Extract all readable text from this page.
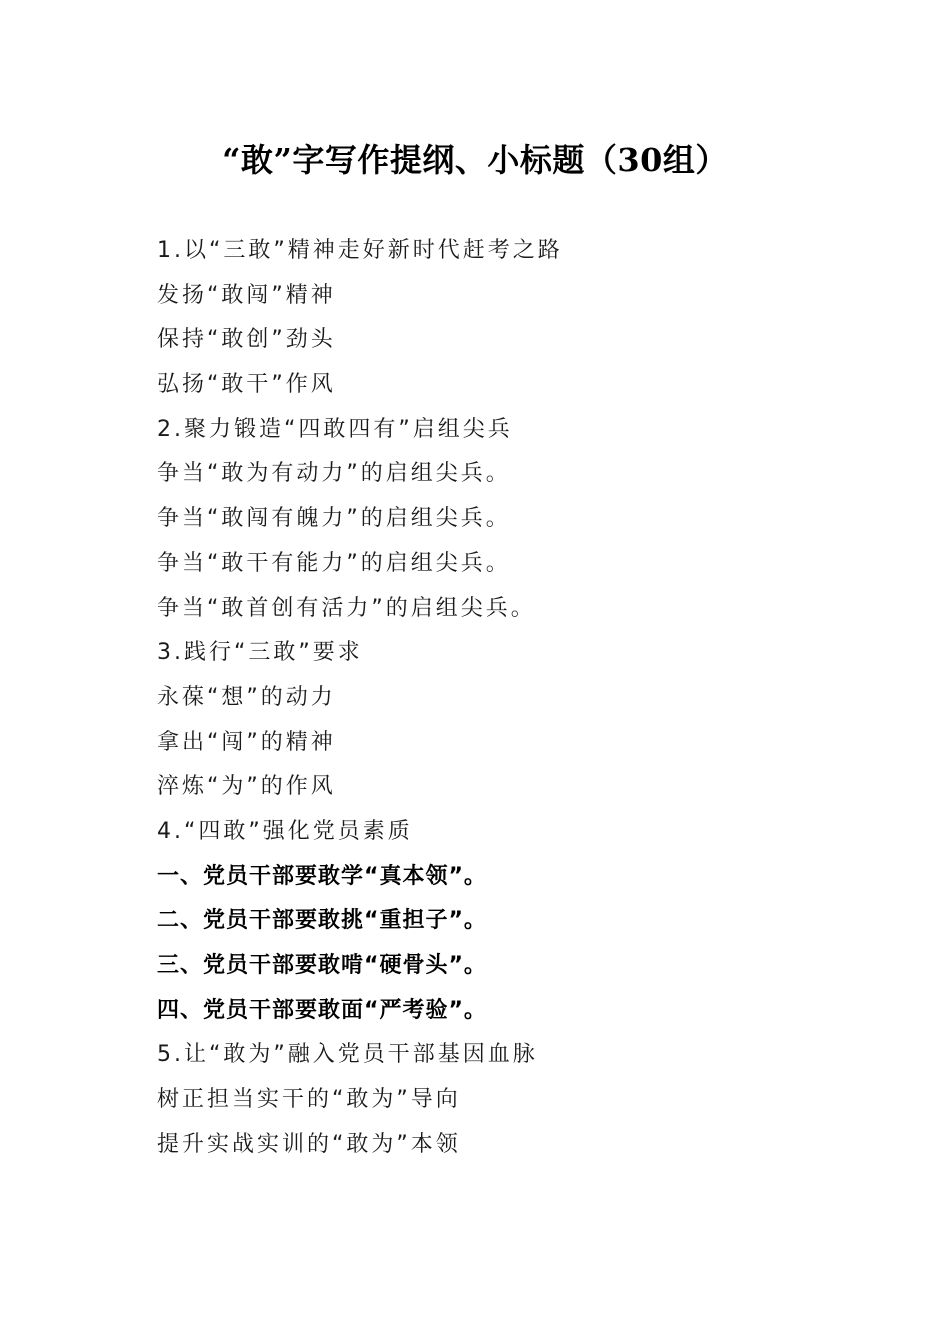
“敢”字写作提纲、小标题（30组）
1.以“三敢”精神走好新时代赶考之路
发扬“敢闯”精神
保持“敢创”劲头
弘扬“敢干”作风
2.聚力锻造“四敢四有”启组尖兵
争当“敢为有动力”的启组尖兵。
争当“敢闯有魄力”的启组尖兵。
争当“敢干有能力”的启组尖兵。
争当“敢首创有活力”的启组尖兵。
3.践行“三敢”要求
永葆“想”的动力
拿出“闯”的精神
淬炼“为”的作风
4.“四敢”强化党员素质
一、党员干部要敢学“真本领”。
二、党员干部要敢挑“重担子”。
三、党员干部要敢啃“硬骨头”。
四、党员干部要敢面“严考验”。
5.让“敢为”融入党员干部基因血脉
树正担当实干的“敢为”导向
提升实战实训的“敢为”本领
